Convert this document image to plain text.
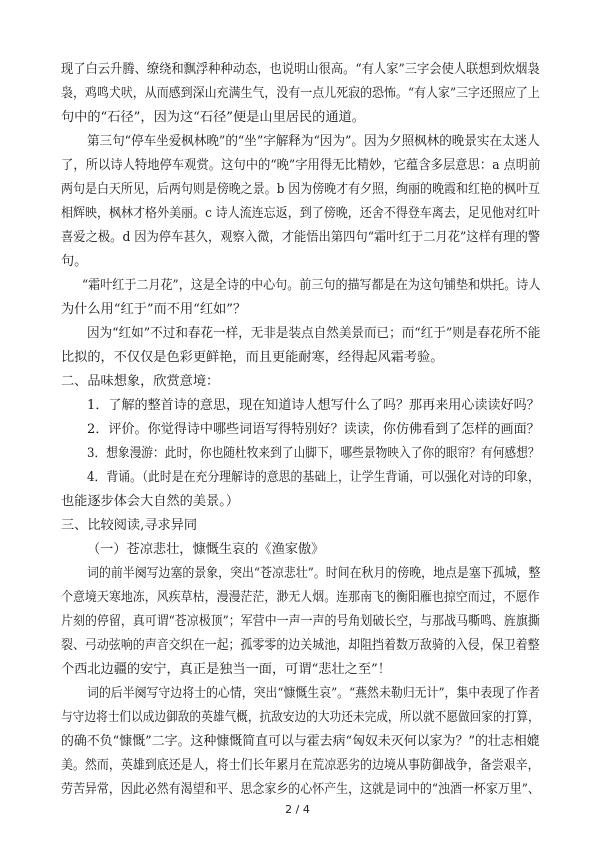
现了白云升腾、缭绕和飘浮种种动态，也说明山很高。“有人家”三字会使人联想到炊烟袅
袅，鸡鸣犬吠，从而感到深山充满生气，没有一点儿死寂的恐怖。“有人家”三字还照应了上
句中的“石径”，因为这“石径”便是山里居民的通道。
第三句“停车坐爱枫林晚”的“坐”字解释为“因为”。因为夕照枫林的晚景实在太迷人
了，所以诗人特地停车观赏。这句中的“晚”字用得无比精妙，它蕴含多层意思：a 点明前
两句是白天所见，后两句则是傍晚之景。b 因为傍晚才有夕照，绚丽的晚霞和红艳的枫叶互
相辉映，枫林才格外美丽。c 诗人流连忘返，到了傍晚，还舍不得登车离去，足见他对红叶
喜爱之极。d 因为停车甚久，观察入微，才能悟出第四句“霜叶红于二月花”这样有理的警
句。
“霜叶红于二月花”，这是全诗的中心句。前三句的描写都是在为这句铺垫和烘托。诗人
为什么用“红于”而不用“红如”？
因为“红如”不过和春花一样，无非是装点自然美景而已；而“红于”则是春花所不能
比拟的，不仅仅是色彩更鲜艳，而且更能耐寒，经得起风霜考验。
二、品味想象，欣赏意境：
1．了解的整首诗的意思，现在知道诗人想写什么了吗？那再来用心读读好吗？
2．评价。你觉得诗中哪些词语写得特别好？读读，你仿佛看到了怎样的画面？
3．想象漫游：此时，你也随杜牧来到了山脚下，哪些景物映入了你的眼帘？有何感想？
4．背诵。（此时是在充分理解诗的意思的基础上，让学生背诵，可以强化对诗的印象，
也能逐步体会大自然的美景。）
三、比较阅读,寻求异同
（一）苍凉悲壮，慷慨生哀的《渔家傲》
词的前半阕写边塞的景象，突出“苍凉悲壮”。时间在秋月的傍晚，地点是塞下孤城，整
个意境天寒地冻，风疾草枯，漫漫茫茫，渺无人烟。连那南飞的衡阳雁也掠空而过，不愿作
片刻的停留，真可谓“苍凉极顶”；军营中一声一声的号角划破长空，与那战马嘶鸣、旌旗撕
裂、弓动弦响的声音交织在一起；孤零零的边关城池，却阻挡着数万敌骑的入侵，保卫着整
个西北边疆的安宁，真正是独当一面，可谓“悲壮之至”！
词的后半阕写守边将士的心情，突出“慷慨生哀”。“燕然未勒归无计”，集中表现了作者
与守边将士们以成边御敌的英雄气概，抗敌安边的大功还未完成，所以就不愿做回家的打算，
的确不负“慷慨”二字。这种慷慨简直可以与霍去病“匈奴未灭何以家为？”的壮志相媲
美。然而，英雄到底还是人，将士们长年累月在荒凉恶劣的边境从事防御战争，备尝艰辛，
劳苦异常，因此必然有渴望和平、思念家乡的心怀产生，这就是词中的“浊酒一杯家万里”、
2 / 4
